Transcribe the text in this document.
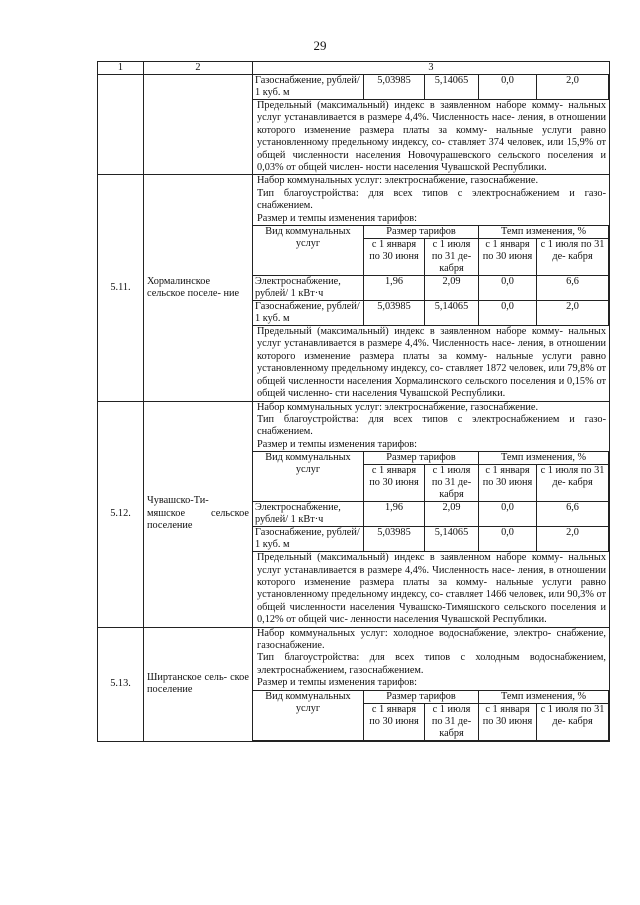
29
1	2	3

Газоснабжение, рублей/ 1 куб. м	5,03985	5,14065	0,0	2,0
Предельный (максимальный) индекс в заявленном наборе комму- нальных услуг устанавливается в размере 4,4%. Численность насе- ления, в отношении которого изменение размера платы за комму- нальные услуги равно установленному предельному индексу, со- ставляет 374 человек, или 15,9% от общей численности населения Новочурашевского сельского поселения и 0,03% от общей числен- ности населения Чувашской Республики.

5.11.	Хормалинское сельское поселе- ние	
Набор коммунальных услуг: электроснабжение, газоснабжение.
Тип благоустройства: для всех типов с электроснабжением и газо- снабжением.
Размер и темпы изменения тарифов:
Вид коммунальных услуг	Размер тарифов	Темп изменения, %
с 1 января по 30 июня	с 1 июля по 31 де- кабря	с 1 января по 30 июня	с 1 июля по 31 де- кабря
Электроснабжение, рублей/ 1 кВт·ч	1,96	2,09	0,0	6,6
Газоснабжение, рублей/ 1 куб. м	5,03985	5,14065	0,0	2,0
Предельный (максимальный) индекс в заявленном наборе комму- нальных услуг устанавливается в размере 4,4%. Численность насе- ления, в отношении которого изменение размера платы за комму- нальные услуги равно установленному предельному индексу, со- ставляет 1872 человек, или 79,8% от общей численности населения Хормалинского сельского поселения и 0,15% от общей численно- сти населения Чувашской Республики.

5.12.	Чувашско-Ти- мяшское сельское поселение	
Набор коммунальных услуг: электроснабжение, газоснабжение.
Тип благоустройства: для всех типов с электроснабжением и газо- снабжением.
Размер и темпы изменения тарифов:
Вид коммунальных услуг	Размер тарифов	Темп изменения, %
с 1 января по 30 июня	с 1 июля по 31 де- кабря	с 1 января по 30 июня	с 1 июля по 31 де- кабря
Электроснабжение, рублей/ 1 кВт·ч	1,96	2,09	0,0	6,6
Газоснабжение, рублей/ 1 куб. м	5,03985	5,14065	0,0	2,0
Предельный (максимальный) индекс в заявленном наборе комму- нальных услуг устанавливается в размере 4,4%. Численность насе- ления, в отношении которого изменение размера платы за комму- нальные услуги равно установленному предельному индексу, со- ставляет 1466 человек, или 90,3% от общей численности населения Чувашско-Тимяшского сельского поселения и 0,12% от общей чис- ленности населения Чувашской Республики.

5.13.	Ширтанское сель- ское поселение	
Набор коммунальных услуг: холодное водоснабжение, электро- снабжение, газоснабжение.
Тип благоустройства: для всех типов с холодным водоснабжением, электроснабжением, газоснабжением.
Размер и темпы изменения тарифов:
Вид коммунальных услуг	Размер тарифов	Темп изменения, %
с 1 января по 30 июня	с 1 июля по 31 де- кабря	с 1 января по 30 июня	с 1 июля по 31 де- кабря
